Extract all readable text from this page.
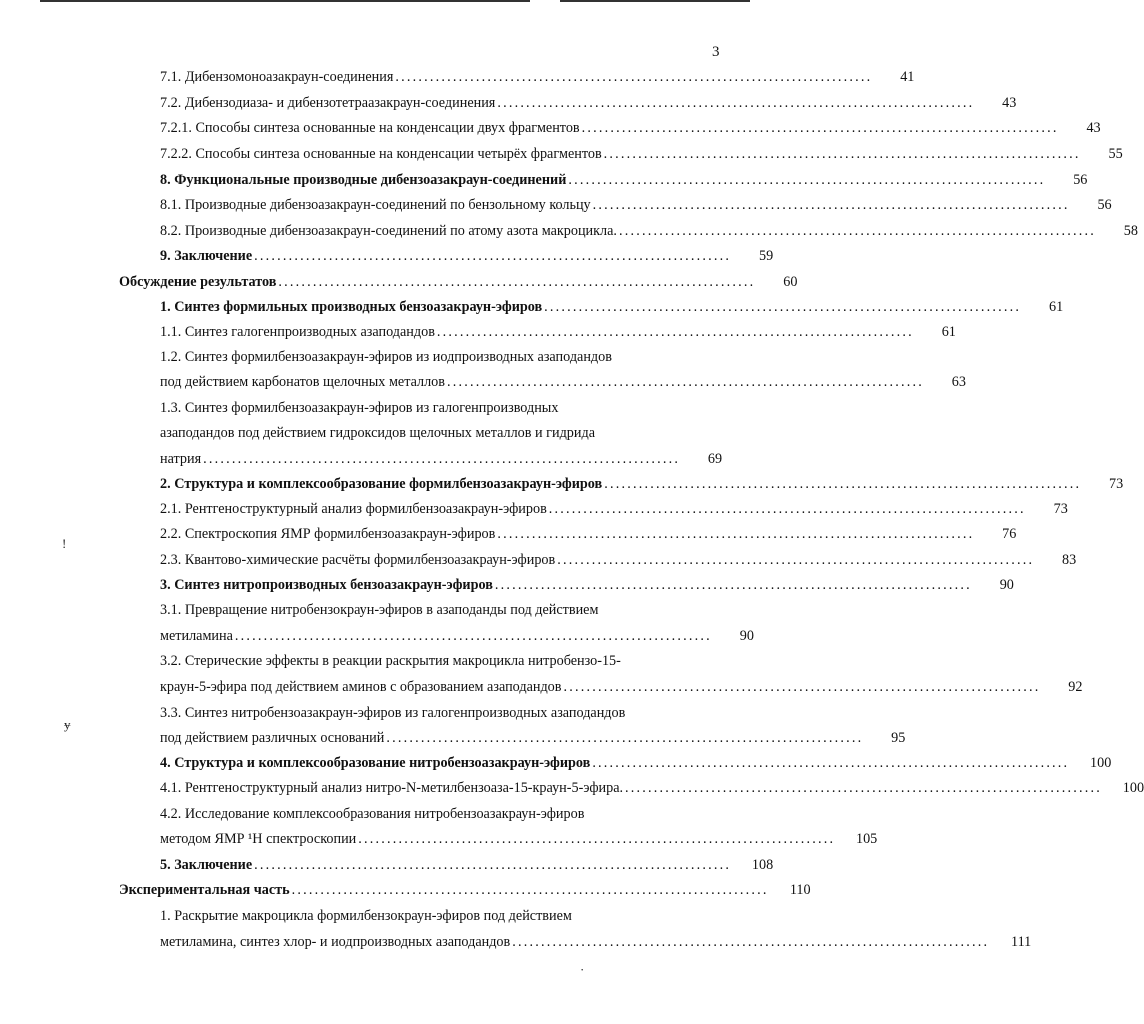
3
!
ɏ
·
7.1. Дибензомоноазакраун-соединения ...................................................................................	41
7.2. Дибензодиаза- и дибензотетраазакраун-соединения ...................................................................................	43
7.2.1. Способы синтеза основанные на конденсации двух фрагментов ...................................................................................	43
7.2.2. Способы синтеза основанные на конденсации четырёх фрагментов ...................................................................................	55
8. Функциональные производные дибензоазакраун-соединений ...................................................................................	56
8.1. Производные дибензоазакраун-соединений по бензольному кольцу ...................................................................................	56
8.2. Производные дибензоазакраун-соединений по атому азота макроцикла. ...................................................................................	58
9. Заключение ...................................................................................	59
Обсуждение результатов ...................................................................................	60
1. Синтез формильных производных бензоазакраун-эфиров ...................................................................................	61
1.1. Синтез галогенпроизводных азаподандов ...................................................................................	61
1.2. Синтез формилбензоазакраун-эфиров из иодпроизводных азаподандов
под действием карбонатов щелочных металлов ...................................................................................	63
1.3. Синтез формилбензоазакраун-эфиров из галогенпроизводных
азаподандов под действием гидроксидов щелочных металлов и гидрида
натрия ...................................................................................	69
2. Структура и комплексообразование формилбензоазакраун-эфиров ...................................................................................	73
2.1. Рентгеноструктурный анализ формилбензоазакраун-эфиров ...................................................................................	73
2.2. Спектроскопия ЯМР формилбензоазакраун-эфиров ...................................................................................	76
2.3. Квантово-химические расчёты формилбензоазакраун-эфиров ...................................................................................	83
3. Синтез нитропроизводных бензоазакраун-эфиров ...................................................................................	90
3.1. Превращение нитробензокраун-эфиров в азаподанды под действием
метиламина ...................................................................................	90
3.2. Стерические эффекты в реакции раскрытия макроцикла нитробензо-15-
краун-5-эфира под действием аминов с образованием азаподандов ...................................................................................	92
3.3. Синтез нитробензоазакраун-эфиров из галогенпроизводных азаподандов
под действием различных оснований ...................................................................................	95
4. Структура и комплексообразование нитробензоазакраун-эфиров ................................................................................... 100
4.1. Рентгеноструктурный анализ нитро-N-метилбензоаза-15-краун-5-эфира. ................................................................................... 100
4.2. Исследование комплексообразования нитробензоазакраун-эфиров
методом ЯМР ¹Н спектроскопии ................................................................................... 105
5. Заключение ................................................................................... 108
Экспериментальная часть ................................................................................... 110
1. Раскрытие макроцикла формилбензокраун-эфиров под действием
метиламина, синтез хлор- и иодпроизводных азаподандов ................................................................................... 111
